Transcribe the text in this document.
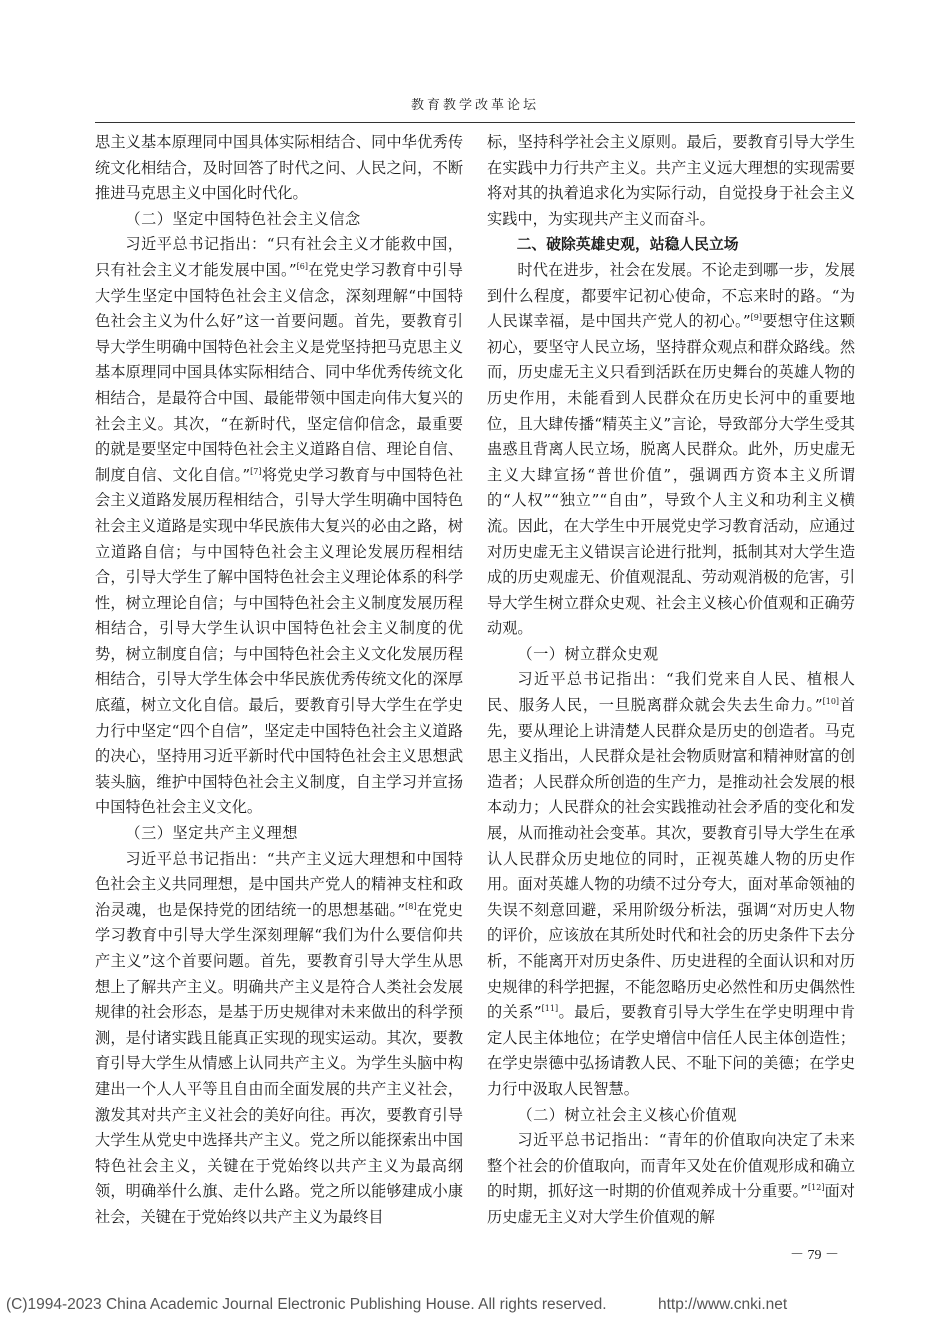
教育教学改革论坛

思主义基本原理同中国具体实际相结合、同中华优秀传统文化相结合，及时回答了时代之问、人民之问，不断推进马克思主义中国化时代化。

（二）坚定中国特色社会主义信念

习近平总书记指出：“只有社会主义才能救中国，只有社会主义才能发展中国。”[6]在党史学习教育中引导大学生坚定中国特色社会主义信念，深刻理解“中国特色社会主义为什么好”这一首要问题。首先，要教育引导大学生明确中国特色社会主义是党坚持把马克思主义基本原理同中国具体实际相结合、同中华优秀传统文化相结合，是最符合中国、最能带领中国走向伟大复兴的社会主义。其次，“在新时代，坚定信仰信念，最重要的就是要坚定中国特色社会主义道路自信、理论自信、制度自信、文化自信。”[7]将党史学习教育与中国特色社会主义道路发展历程相结合，引导大学生明确中国特色社会主义道路是实现中华民族伟大复兴的必由之路，树立道路自信；与中国特色社会主义理论发展历程相结合，引导大学生了解中国特色社会主义理论体系的科学性，树立理论自信；与中国特色社会主义制度发展历程相结合，引导大学生认识中国特色社会主义制度的优势，树立制度自信；与中国特色社会主义文化发展历程相结合，引导大学生体会中华民族优秀传统文化的深厚底蕴，树立文化自信。最后，要教育引导大学生在学史力行中坚定“四个自信”，坚定走中国特色社会主义道路的决心，坚持用习近平新时代中国特色社会主义思想武装头脑，维护中国特色社会主义制度，自主学习并宣扬中国特色社会主义文化。

（三）坚定共产主义理想

习近平总书记指出：“共产主义远大理想和中国特色社会主义共同理想，是中国共产党人的精神支柱和政治灵魂，也是保持党的团结统一的思想基础。”[8]在党史学习教育中引导大学生深刻理解“我们为什么要信仰共产主义”这个首要问题。首先，要教育引导大学生从思想上了解共产主义。明确共产主义是符合人类社会发展规律的社会形态，是基于历史规律对未来做出的科学预测，是付诸实践且能真正实现的现实运动。其次，要教育引导大学生从情感上认同共产主义。为学生头脑中构建出一个人人平等且自由而全面发展的共产主义社会，激发其对共产主义社会的美好向往。再次，要教育引导大学生从党史中选择共产主义。党之所以能探索出中国特色社会主义，关键在于党始终以共产主义为最高纲领，明确举什么旗、走什么路。党之所以能够建成小康社会，关键在于党始终以共产主义为最终目

标，坚持科学社会主义原则。最后，要教育引导大学生在实践中力行共产主义。共产主义远大理想的实现需要将对其的执着追求化为实际行动，自觉投身于社会主义实践中，为实现共产主义而奋斗。

二、破除英雄史观，站稳人民立场

时代在进步，社会在发展。不论走到哪一步，发展到什么程度，都要牢记初心使命，不忘来时的路。“为人民谋幸福，是中国共产党人的初心。”[9]要想守住这颗初心，要坚守人民立场，坚持群众观点和群众路线。然而，历史虚无主义只看到活跃在历史舞台的英雄人物的历史作用，未能看到人民群众在历史长河中的重要地位，且大肆传播“精英主义”言论，导致部分大学生受其蛊惑且背离人民立场，脱离人民群众。此外，历史虚无主义大肆宣扬“普世价值”，强调西方资本主义所谓的“人权”“独立”“自由”，导致个人主义和功利主义横流。因此，在大学生中开展党史学习教育活动，应通过对历史虚无主义错误言论进行批判，抵制其对大学生造成的历史观虚无、价值观混乱、劳动观消极的危害，引导大学生树立群众史观、社会主义核心价值观和正确劳动观。

（一）树立群众史观

习近平总书记指出：“我们党来自人民、植根人民、服务人民，一旦脱离群众就会失去生命力。”[10]首先，要从理论上讲清楚人民群众是历史的创造者。马克思主义指出，人民群众是社会物质财富和精神财富的创造者；人民群众所创造的生产力，是推动社会发展的根本动力；人民群众的社会实践推动社会矛盾的变化和发展，从而推动社会变革。其次，要教育引导大学生在承认人民群众历史地位的同时，正视英雄人物的历史作用。面对英雄人物的功绩不过分夸大，面对革命领袖的失误不刻意回避，采用阶级分析法，强调“对历史人物的评价，应该放在其所处时代和社会的历史条件下去分析，不能离开对历史条件、历史进程的全面认识和对历史规律的科学把握，不能忽略历史必然性和历史偶然性的关系”[11]。最后，要教育引导大学生在学史明理中肯定人民主体地位；在学史增信中信任人民主体创造性；在学史崇德中弘扬请教人民、不耻下问的美德；在学史力行中汲取人民智慧。

（二）树立社会主义核心价值观

习近平总书记指出：“青年的价值取向决定了未来整个社会的价值取向，而青年又处在价值观形成和确立的时期，抓好这一时期的价值观养成十分重要。”[12]面对历史虚无主义对大学生价值观的解

－ 79 －
(C)1994-2023 China Academic Journal Electronic Publishing House. All rights reserved.	http://www.cnki.net
